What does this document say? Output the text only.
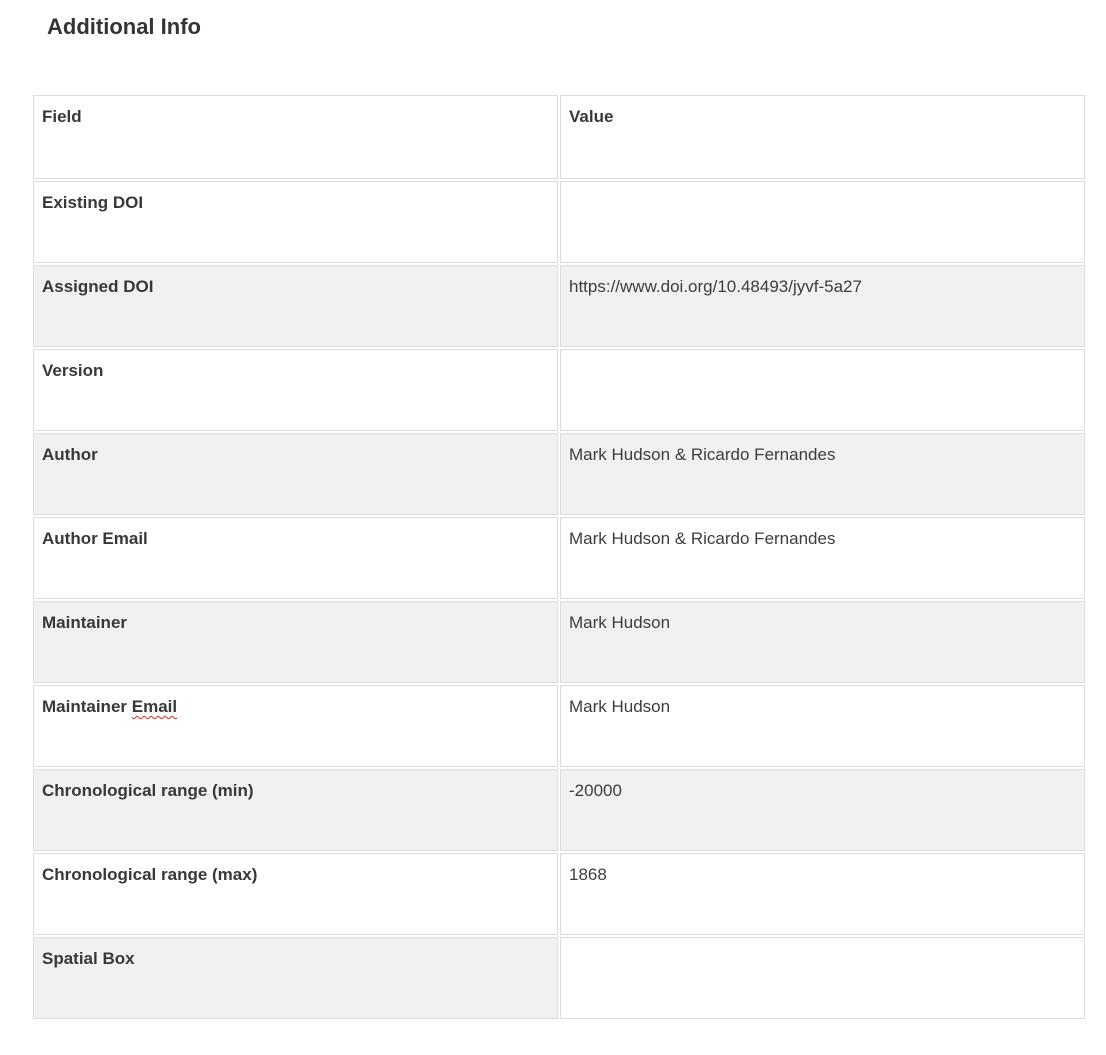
Additional Info
Field	Value
Existing DOI	
Assigned DOI	https://www.doi.org/10.48493/jyvf-5a27
Version	
Author	Mark Hudson & Ricardo Fernandes
Author Email	Mark Hudson & Ricardo Fernandes
Maintainer	Mark Hudson
Maintainer Email	Mark Hudson
Chronological range (min)	-20000
Chronological range (max)	1868
Spatial Box	
